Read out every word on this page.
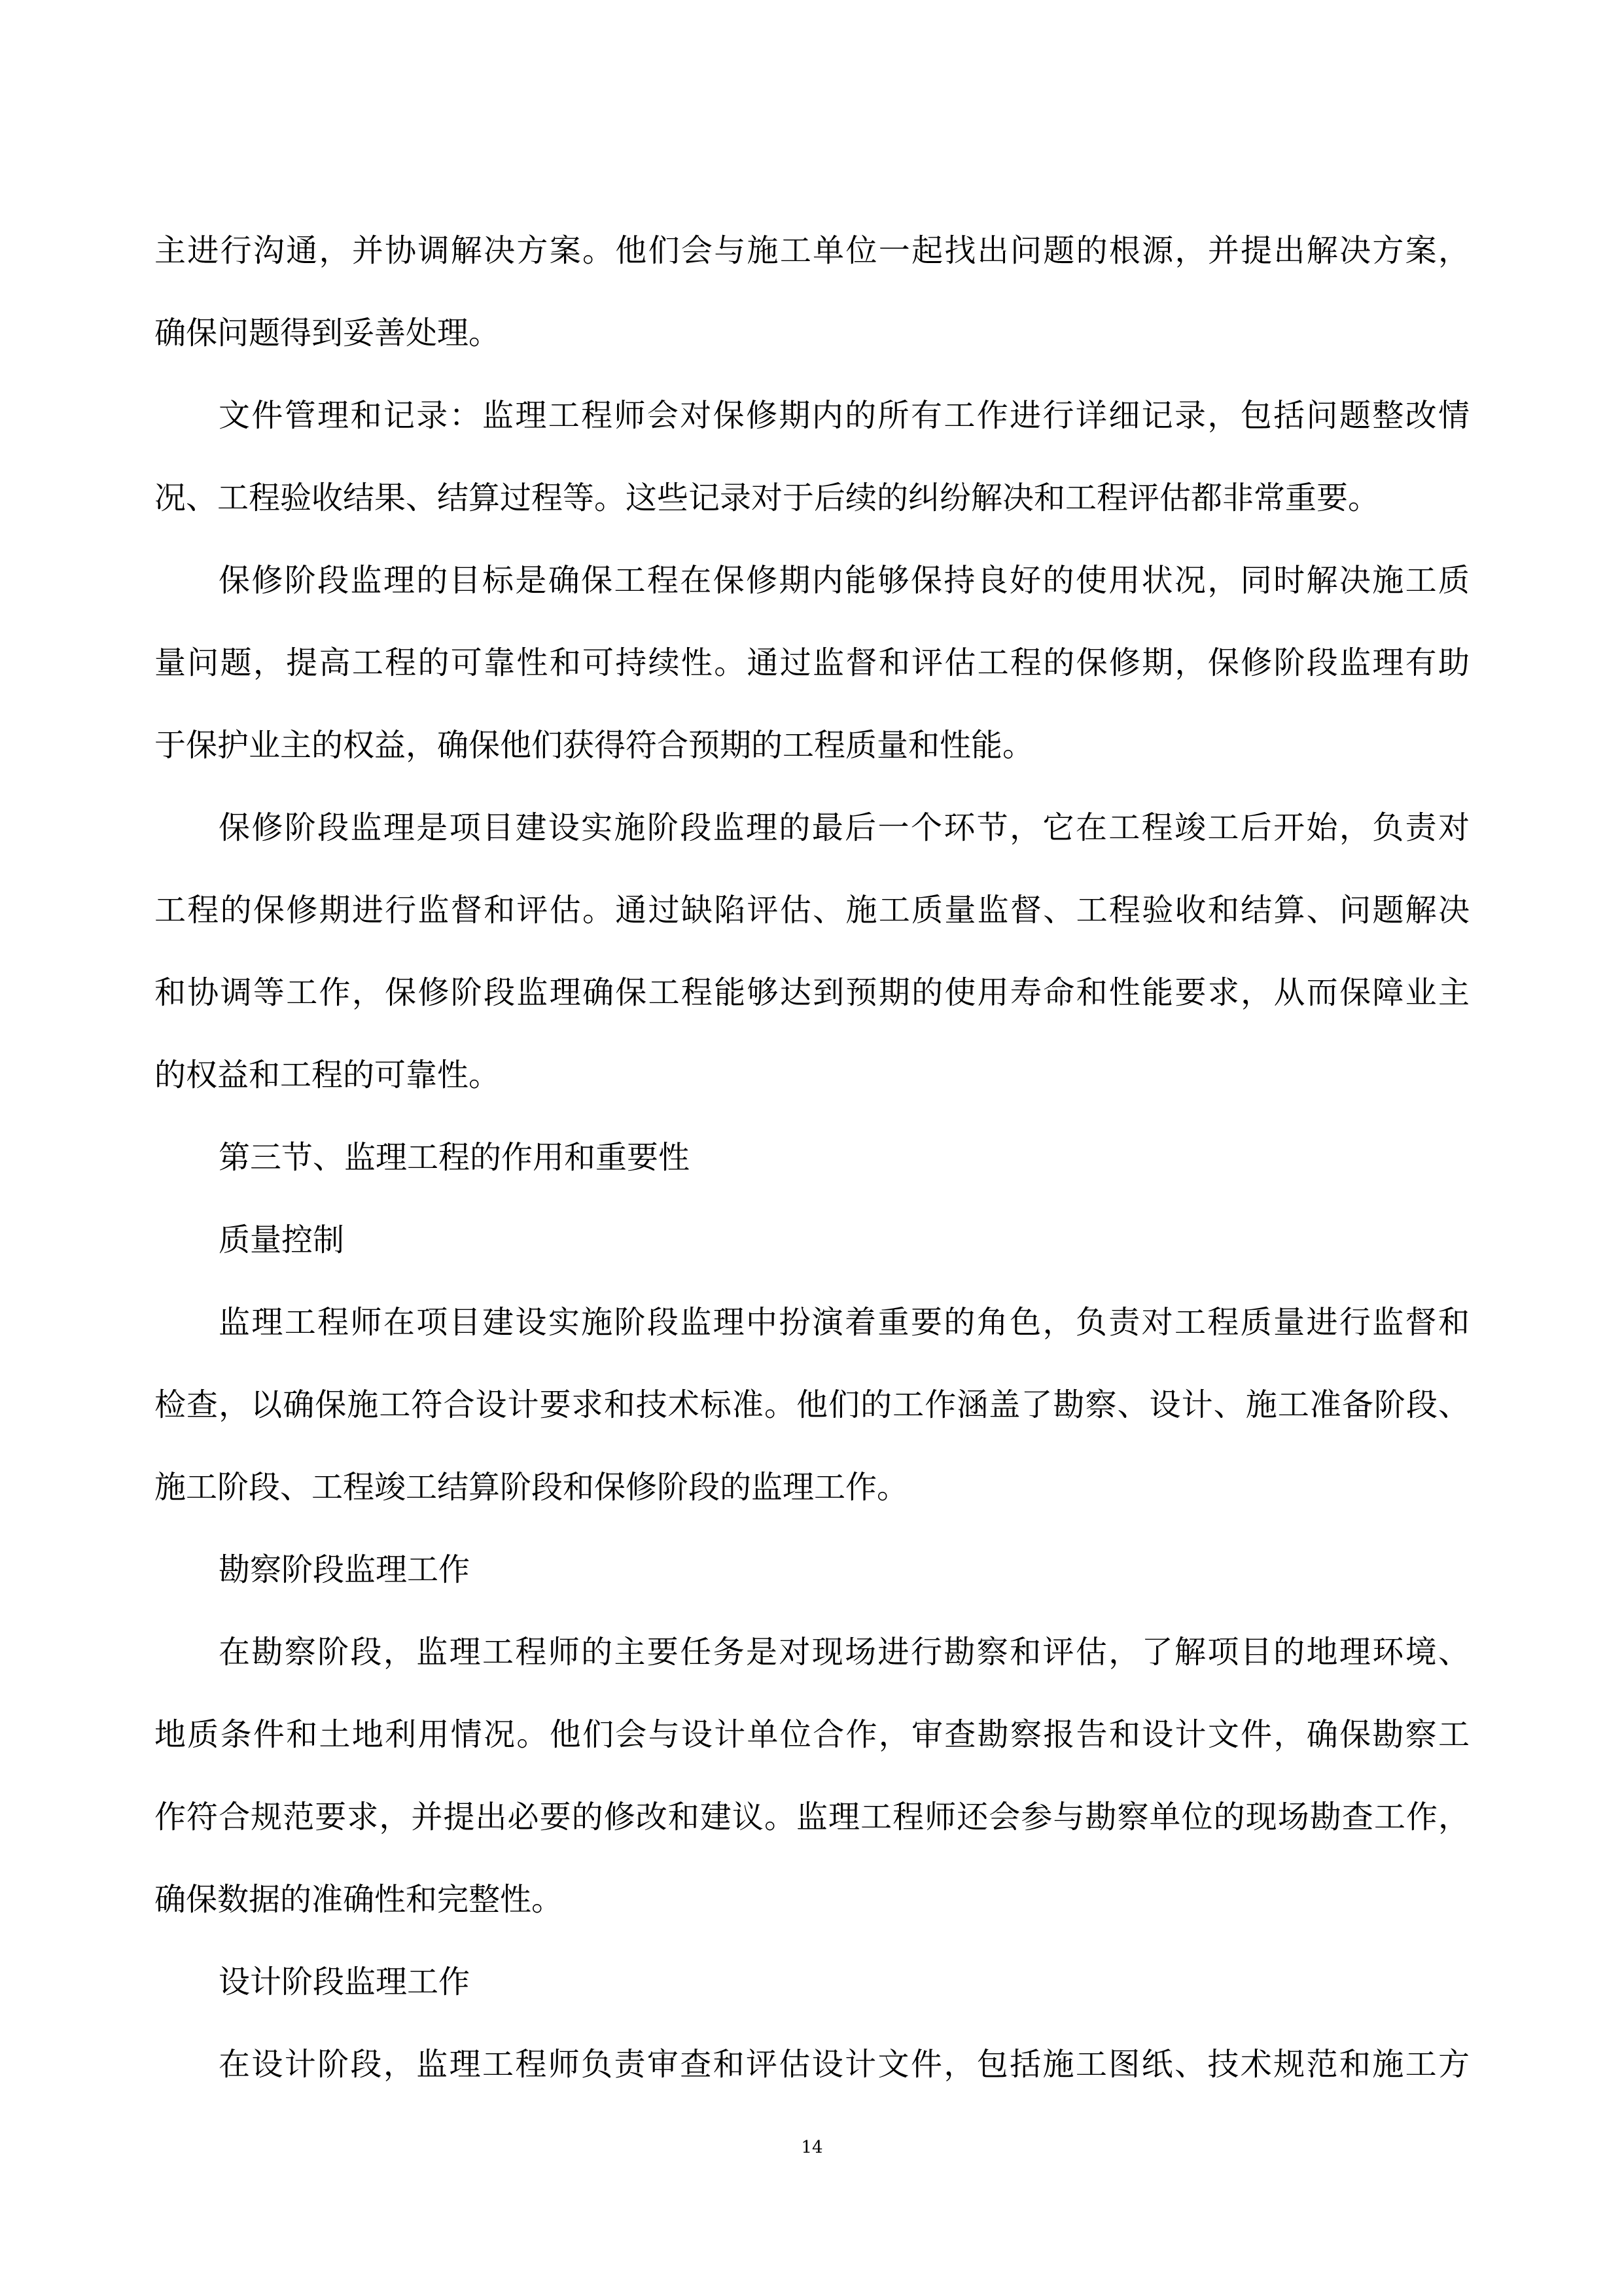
主进行沟通，并协调解决方案。他们会与施工单位一起找出问题的根源，并提出解决方案，
确保问题得到妥善处理。
文件管理和记录：监理工程师会对保修期内的所有工作进行详细记录，包括问题整改情
况、工程验收结果、结算过程等。这些记录对于后续的纠纷解决和工程评估都非常重要。
保修阶段监理的目标是确保工程在保修期内能够保持良好的使用状况，同时解决施工质
量问题，提高工程的可靠性和可持续性。通过监督和评估工程的保修期，保修阶段监理有助
于保护业主的权益，确保他们获得符合预期的工程质量和性能。
保修阶段监理是项目建设实施阶段监理的最后一个环节，它在工程竣工后开始，负责对
工程的保修期进行监督和评估。通过缺陷评估、施工质量监督、工程验收和结算、问题解决
和协调等工作，保修阶段监理确保工程能够达到预期的使用寿命和性能要求，从而保障业主
的权益和工程的可靠性。
第三节、监理工程的作用和重要性
质量控制
监理工程师在项目建设实施阶段监理中扮演着重要的角色，负责对工程质量进行监督和
检查，以确保施工符合设计要求和技术标准。他们的工作涵盖了勘察、设计、施工准备阶段、
施工阶段、工程竣工结算阶段和保修阶段的监理工作。
勘察阶段监理工作
在勘察阶段，监理工程师的主要任务是对现场进行勘察和评估，了解项目的地理环境、
地质条件和土地利用情况。他们会与设计单位合作，审查勘察报告和设计文件，确保勘察工
作符合规范要求，并提出必要的修改和建议。监理工程师还会参与勘察单位的现场勘查工作，
确保数据的准确性和完整性。
设计阶段监理工作
在设计阶段，监理工程师负责审查和评估设计文件，包括施工图纸、技术规范和施工方
14
